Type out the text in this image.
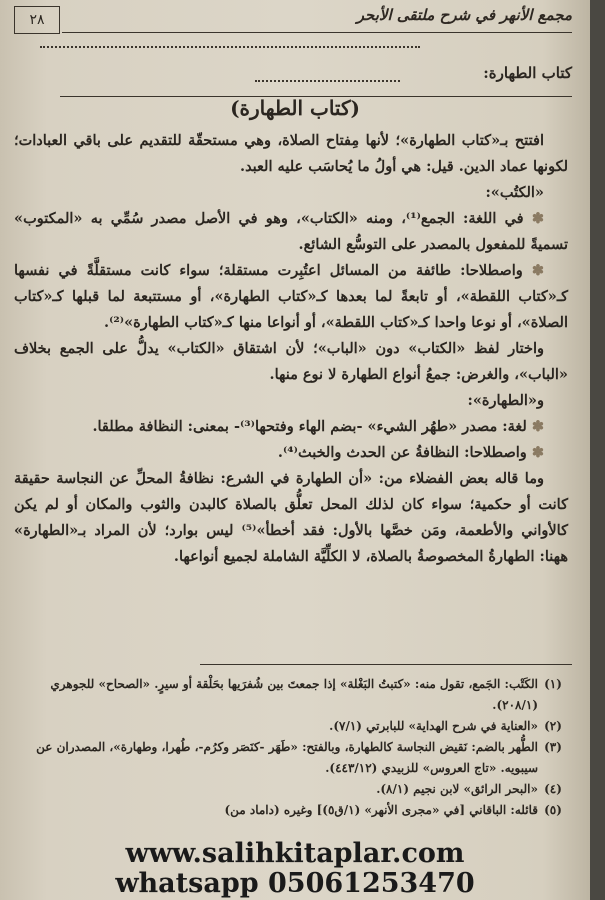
٢٨	مجمع الأنهر في شرح ملتقى الأبحر
كتاب الطهارة:
(كتاب الطهارة)

افتتح بـ«كتاب الطهارة»؛ لأنها مِفتاح الصلاة، وهي مستحقّة للتقديم على باقي العبادات؛ لكونها عماد الدين. قيل: هي أولُ ما يُحاسَب عليه العبد.

«الكتُب»:

✽ في اللغة: الجمع⁽¹⁾، ومنه «الكتاب»، وهو في الأصل مصدر سُمِّي به «المكتوب» تسميةً للمفعول بالمصدر على التوسُّع الشائع.

✽ واصطلاحا: طائفة من المسائل اعتُبِرت مستقلة؛ سواء كانت مستقلَّةً في نفسها كـ«كتاب اللقطة»، أو تابعةً لما بعدها كـ«كتاب الطهارة»، أو مستتبعة لما قبلها كـ«كتاب الصلاة»، أو نوعا واحدا كـ«كتاب اللقطة»، أو أنواعا منها كـ«كتاب الطهارة»⁽²⁾.

واختار لفظ «الكتاب» دون «الباب»؛ لأن اشتقاق «الكتاب» يدلُّ على الجمع بخلاف «الباب»، والغرض: جمعُ أنواع الطهارة لا نوع منها.

و«الطهارة»:

✽ لغة: مصدر «طهُر الشيء» -بضم الهاء وفتحها⁽³⁾- بمعنى: النظافة مطلقا.

✽ واصطلاحا: النظافةُ عن الحدث والخبث⁽⁴⁾.

وما قاله بعض الفضلاء من: «أن الطهارة في الشرع: نظافةُ المحلِّ عن النجاسة حقيقة كانت أو حكمية؛ سواء كان لذلك المحل تعلُّق بالصلاة كالبدن والثوب والمكان أو لم يكن كالأواني والأطعمة، ومَن خصَّها بالأول: فقد أخطأ»⁽⁵⁾ ليس بوارد؛ لأن المراد بـ«الطهارة» ههنا: الطهارةُ المخصوصةُ بالصلاة، لا الكلِّيَّة الشاملة لجميع أنواعها.

(١)
الكَتْب: الجَمع، تقول منه: «كتبتُ البَغْلة» إذا جمعتَ بين شُفرَيها بحَلْقة أو سيرٍ. «الصحاح» للجوهري (٢٠٨/١).
(٢)
«العناية في شرح الهداية» للبابرتي (٧/١).
(٣)
الطُّهر بالضم: نَقيض النجاسة كالطهارة، وبالفتح: «طَهَر -كنَصَر وكرُم-، طُهرا، وطهارة»، المصدران عن سيبويه. «تاج العروس» للزبيدي (٤٤٣/١٢).
(٤)
«البحر الرائق» لابن نجيم (٨/١).
(٥)
قائله: الباقاني [في «مجرى الأنهر» (١/ق٥)] وغيره (داماد من)
www.salihkitaplar.com
whatsapp 05061253470
